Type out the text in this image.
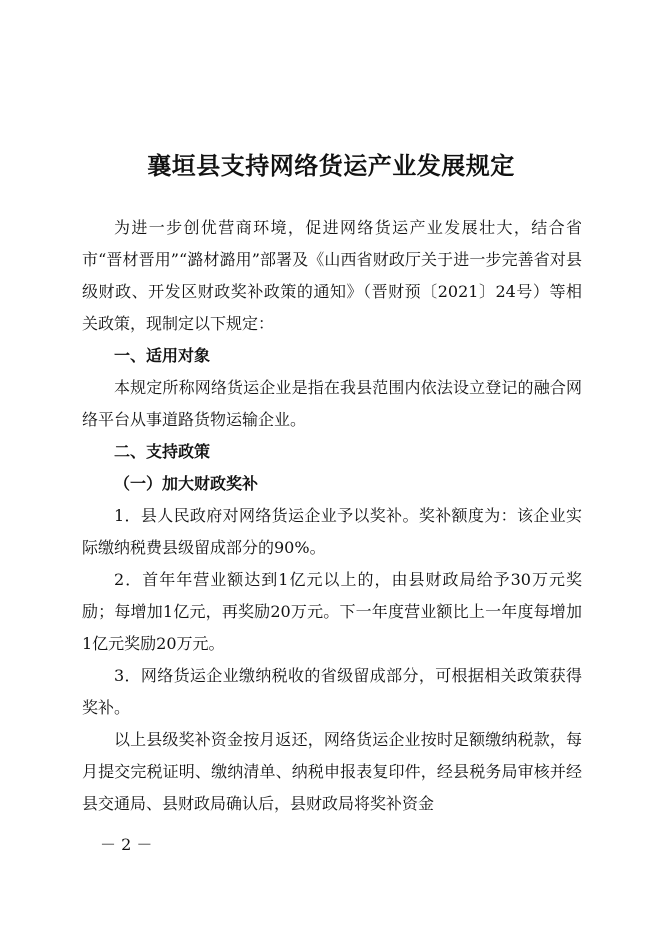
襄垣县支持网络货运产业发展规定

为进一步创优营商环境，促进网络货运产业发展壮大，结合省市“晋材晋用”“潞材潞用”部署及《山西省财政厅关于进一步完善省对县级财政、开发区财政奖补政策的通知》（晋财预〔2021〕24号）等相关政策，现制定以下规定：

一、适用对象

本规定所称网络货运企业是指在我县范围内依法设立登记的融合网络平台从事道路货物运输企业。

二、支持政策

（一）加大财政奖补

1．县人民政府对网络货运企业予以奖补。奖补额度为：该企业实际缴纳税费县级留成部分的90%。

2．首年年营业额达到1亿元以上的，由县财政局给予30万元奖励；每增加1亿元，再奖励20万元。下一年度营业额比上一年度每增加1亿元奖励20万元。

3．网络货运企业缴纳税收的省级留成部分，可根据相关政策获得奖补。

以上县级奖补资金按月返还，网络货运企业按时足额缴纳税款，每月提交完税证明、缴纳清单、纳税申报表复印件，经县税务局审核并经县交通局、县财政局确认后，县财政局将奖补资金

－ 2 －
